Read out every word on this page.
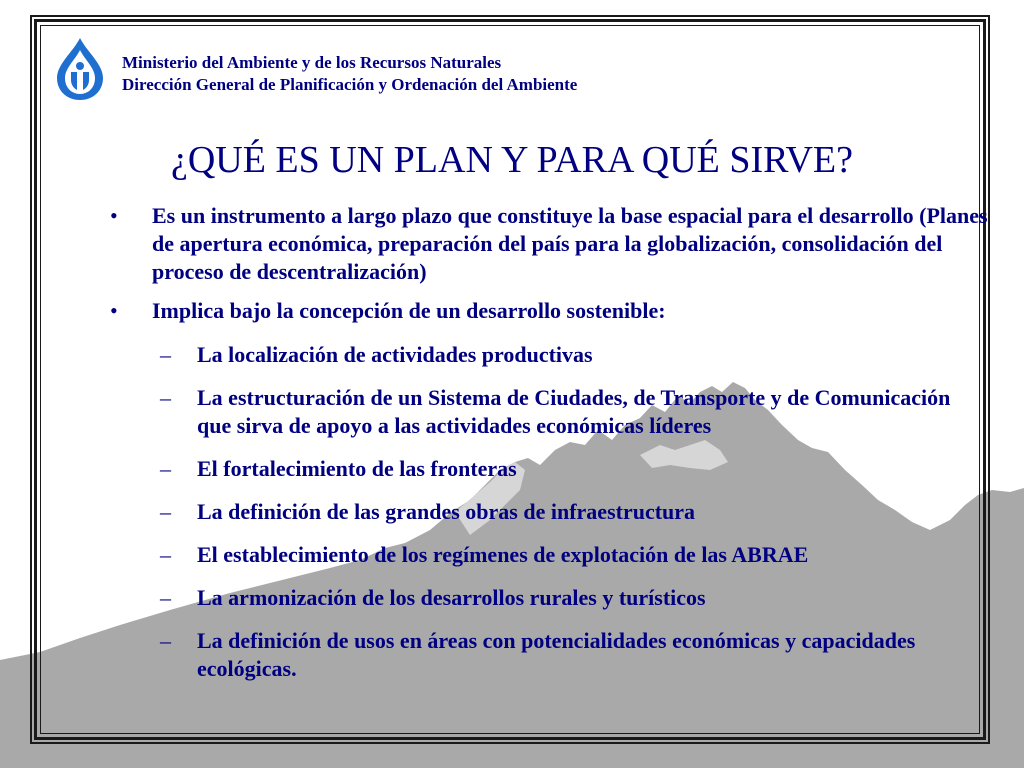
Ministerio del Ambiente y de los Recursos Naturales
Dirección General de Planificación y Ordenación del Ambiente
¿QUÉ ES UN PLAN Y PARA QUÉ SIRVE?
• Es un instrumento a largo plazo que constituye la base espacial para el desarrollo (Planes de apertura económica, preparación del país para la globalización, consolidación del proceso de descentralización)
• Implica bajo la concepción de un desarrollo sostenible:
– La localización de actividades productivas
– La estructuración de un Sistema de Ciudades, de Transporte y de Comunicación que sirva de apoyo a las actividades económicas líderes
– El fortalecimiento de las fronteras
– La definición de las grandes obras de infraestructura
– El establecimiento de los regímenes de explotación de las ABRAE
– La armonización de los desarrollos rurales y turísticos
– La definición de usos en áreas con potencialidades económicas y capacidades ecológicas.
